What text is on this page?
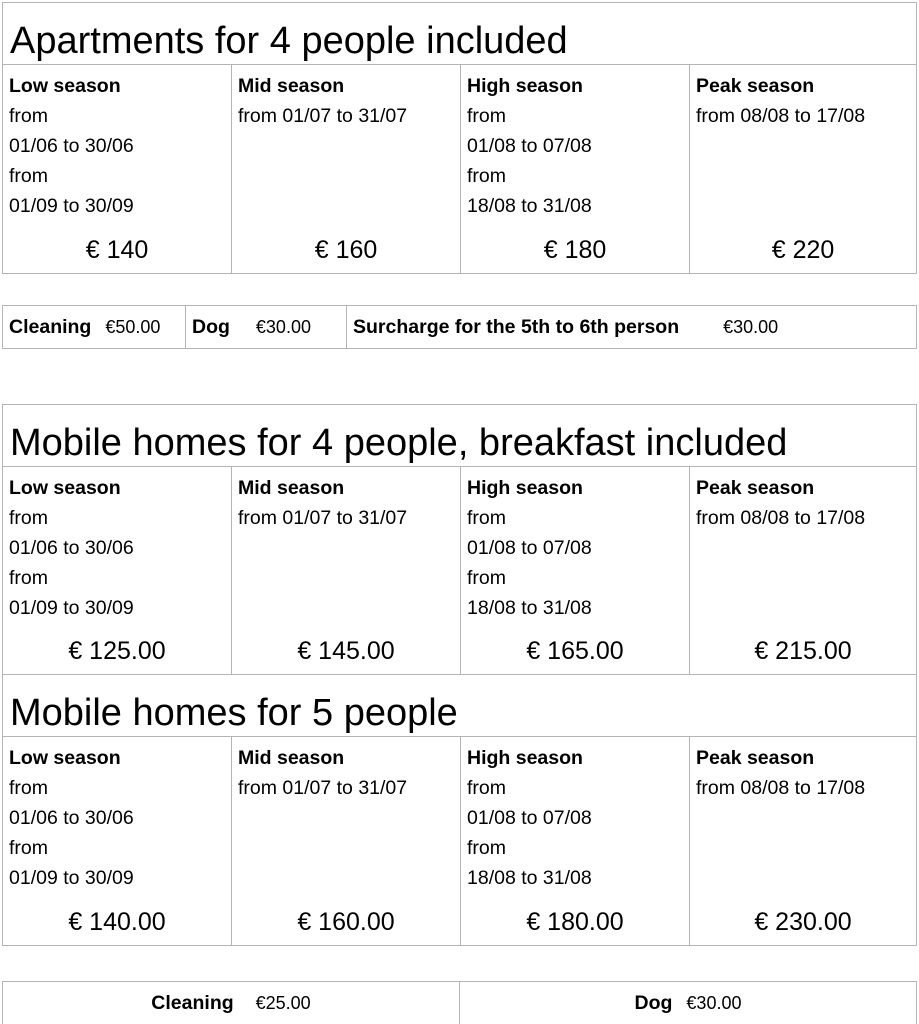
Apartments for 4 people included
Low season
from
01/06 to 30/06
from
01/09 to 30/09
€ 140
Mid season
from 01/07 to 31/07
€ 160
High season
from
01/08 to 07/08
from
18/08 to 31/08
€ 180
Peak season
from 08/08 to 17/08
€ 220
Cleaning €50.00 Dog €30.00 Surcharge for the 5th to 6th person €30.00
Mobile homes for 4 people, breakfast included
Low season
from
01/06 to 30/06
from
01/09 to 30/09
€ 125.00
Mid season
from 01/07 to 31/07
€ 145.00
High season
from
01/08 to 07/08
from
18/08 to 31/08
€ 165.00
Peak season
from 08/08 to 17/08
€ 215.00
Mobile homes for 5 people
Low season
from
01/06 to 30/06
from
01/09 to 30/09
€ 140.00
Mid season
from 01/07 to 31/07
€ 160.00
High season
from
01/08 to 07/08
from
18/08 to 31/08
€ 180.00
Peak season
from 08/08 to 17/08
€ 230.00
Cleaning €25.00	Dog €30.00
